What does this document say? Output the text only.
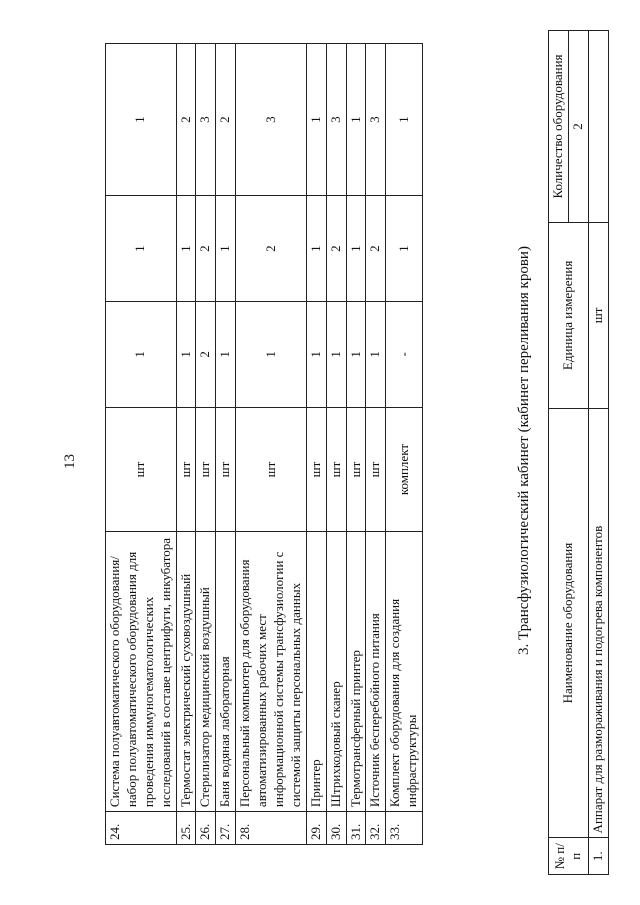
13
24.	Система полуавтоматического оборудования/набор полуавтоматического оборудования для проведения иммуногематологических исследований в составе центрифуги, инкубатора	шт	1	1	1
25.	Термостат электрический суховоздушный	шт	1	1	2
26.	Стерилизатор медицинский воздушный	шт	2	2	3
27.	Баня водяная лабораторная	шт	1	1	2
28.	Персональный компьютер для оборудования автоматизированных рабочих мест информационной системы трансфузиологии с системой защиты персональных данных	шт	1	2	3
29.	Принтер	шт	1	1	1
30.	Штрихкодовый сканер	шт	1	2	3
31.	Термотрансферный принтер	шт	1	1	1
32.	Источник бесперебойного питания	шт	1	2	3
33.	Комплект оборудования для создания инфраструктуры	комплект	-	1	1
3. Трансфузиологический кабинет (кабинет переливания крови)
№ п/п	Наименование оборудования	Единица измерения	Количество оборудования
			2
1.	Аппарат для размораживания и подогрева компонентов	шт	
